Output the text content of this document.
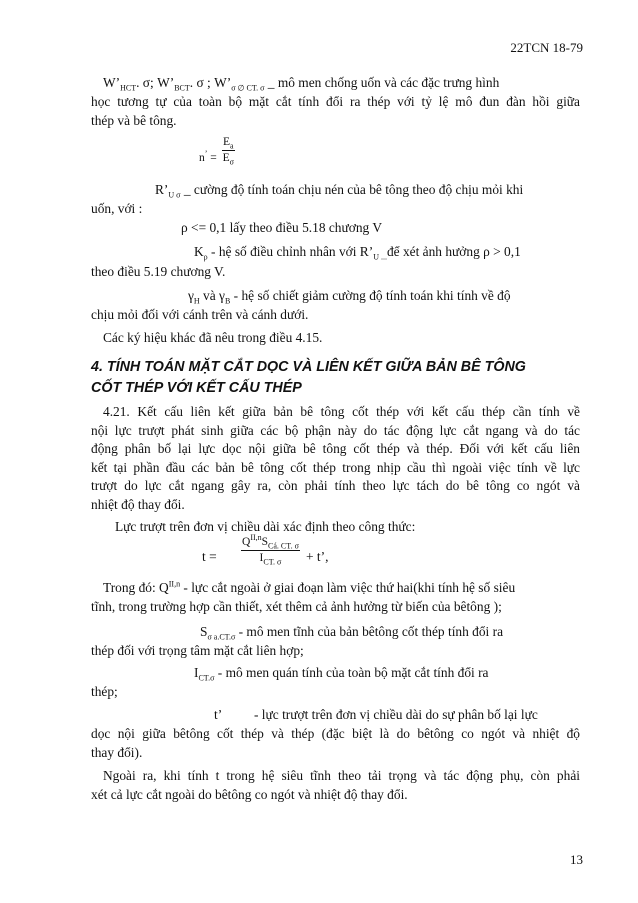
22TCN 18-79
$W’_{HCT}$. σ; $W’_{BCT}$. σ ; $W’_{\sigma \emptyset CT. \sigma}$ _ mô men chống uốn và các đặc trưng hình
học tương tự của toàn bộ mặt cắt tính đổi ra thép với tỷ lệ mô đun đàn hồi giữa
thép và bê tông.
$n^’ = \frac{E_a}{E_\sigma}$
$R’_{U \sigma}$ _ cường độ tính toán chịu nén của bê tông theo độ chịu mỏi khi
uốn, với :
ρ <= 0,1 lấy theo điều 5.18 chương V
$K_\rho$ - hệ số điều chỉnh nhân với $R’_{U ...}để$ xét ảnh hưởng ρ > 0,1
theo điều 5.19 chương V.
$\gamma_H$ và $\gamma_B$ - hệ số chiết giảm cường độ tính toán khi tính về độ
chịu mỏi đối với cánh trên và cánh dưới.
Các ký hiệu khác đã nêu trong điều 4.15.
4. TÍNH TOÁN MẶT CẮT DỌC VÀ LIÊN KẾT GIỮA BẢN BÊ TÔNG
CỐT THÉP VỚI KẾT CẤU THÉP
4.21. Kết cấu liên kết giữa bản bê tông cốt thép với kết cấu thép cần tính về
nội lực trượt phát sinh giữa các bộ phận này do tác động lực cắt ngang và do tác
động phân bố lại lực dọc nội giữa bê tông cốt thép và thép. Đối với kết cấu liên
kết tại phần đầu các bản bê tông cốt thép trong nhịp cầu thì ngoài việc tính về lực
trượt do lực cắt ngang gây ra, còn phải tính theo lực tách do bê tông co ngót và
nhiệt độ thay đổi.
Lực trượt trên đơn vị chiều dài xác định theo công thức:
t =
$Q^{II,n}S_{Cá. CT. \sigma}$
$I_{CT. \sigma}$	+ t’,
Trong đó: $Q^{II,n}$ - lực cắt ngoài ở giai đoạn làm việc thứ hai(khi tính hệ số siêu
tĩnh, trong trường hợp cần thiết, xét thêm cả ảnh hưởng từ biến của bêtông );
$S_{\sigma a.CT.\sigma}$ - mô men tĩnh của bản bêtông cốt thép tính đổi ra
thép đối với trọng tâm mặt cắt liên hợp;
$I_{CT.\sigma}$ - mô men quán tính của toàn bộ mặt cắt tính đổi ra
thép;
t’ - lực trượt trên đơn vị chiều dài do sự phân bố lại lực
dọc nội giữa bêtông cốt thép và thép (đặc biệt là do bêtông co ngót và nhiệt độ
thay đổi).
Ngoài ra, khi tính t trong hệ siêu tĩnh theo tải trọng và tác động phụ, còn phải
xét cả lực cắt ngoài do bêtông co ngót và nhiệt độ thay đổi.
13
